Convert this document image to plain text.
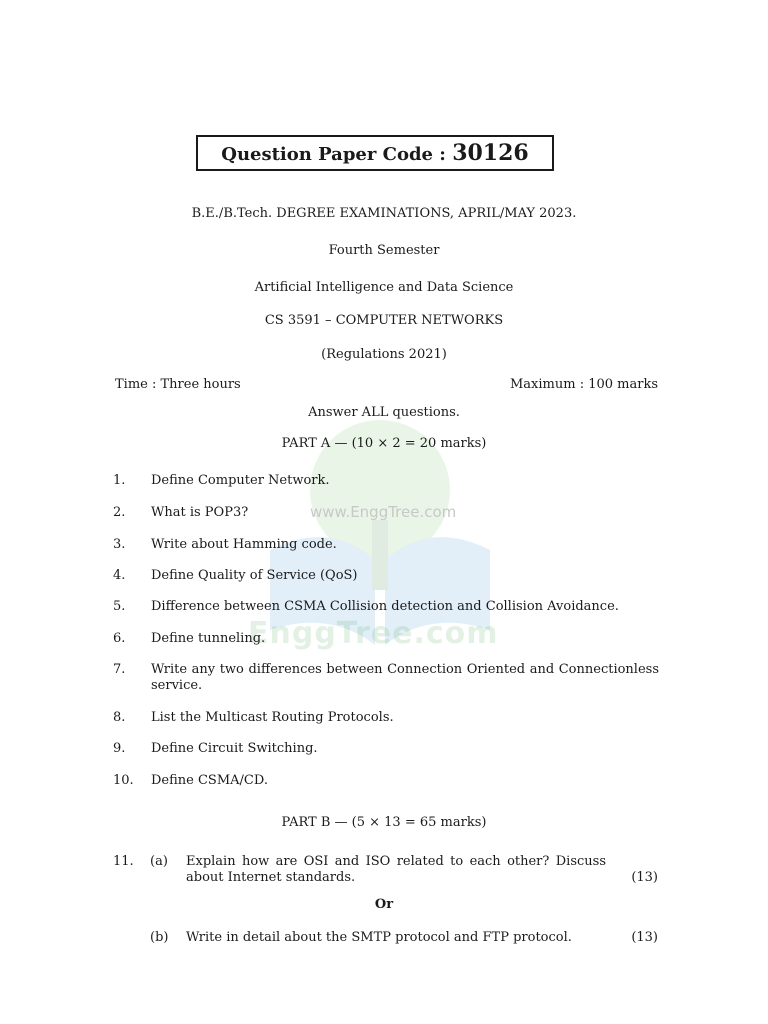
www.EnggTree.com
EnggTree.com
Question Paper Code : 30126
B.E./B.Tech. DEGREE EXAMINATIONS, APRIL/MAY 2023.
Fourth Semester
Artificial Intelligence and Data Science
CS 3591 – COMPUTER NETWORKS
(Regulations 2021)
Time : Three hours	Maximum : 100 marks
Answer ALL questions.
PART A — (10 × 2 = 20 marks)
1.	Define Computer Network.
2.	What is POP3?
3.	Write about Hamming code.
4.	Define Quality of Service (QoS)
5.	Difference between CSMA Collision detection and Collision Avoidance.
6.	Define tunneling.
7.	Write any two differences between Connection Oriented and Connectionless service.
8.	List the Multicast Routing Protocols.
9.	Define Circuit Switching.
10.	Define CSMA/CD.
PART B — (5 × 13 = 65 marks)
11.	(a) Explain how are OSI and ISO related to each other? Discuss about Internet standards.	(13)
Or
(b) Write in detail about the SMTP protocol and FTP protocol.	(13)
